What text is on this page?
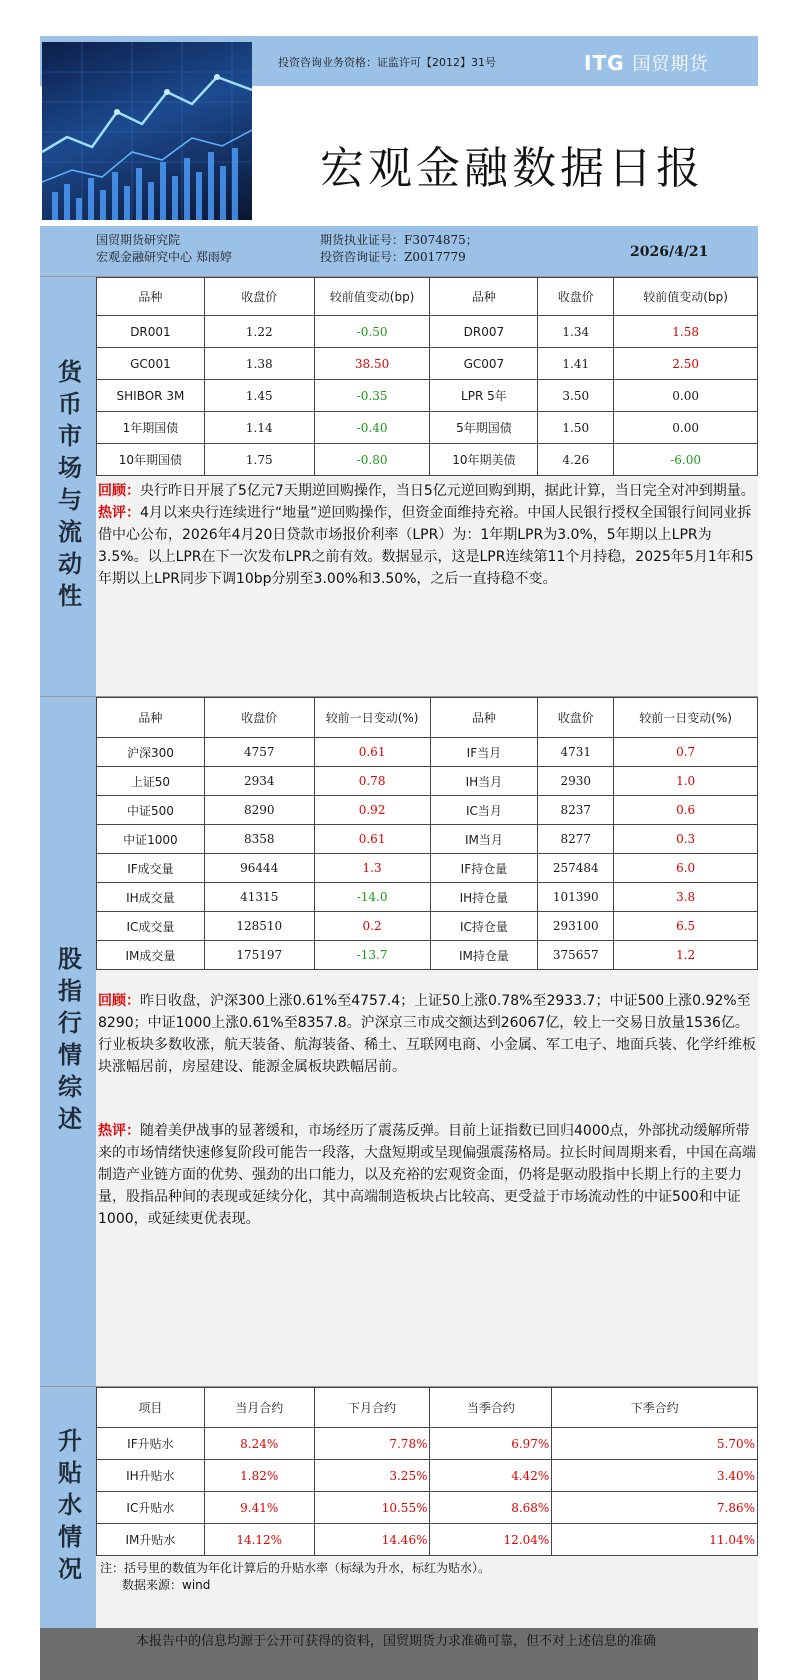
投资咨询业务资格：证监许可【2012】31号	ITG 国贸期货
宏观金融数据日报
国贸期货研究院
宏观金融研究中心 郑雨婷
期货执业证号：F3074875；
投资咨询证号：Z0017779	2026/4/21
货币市场与流动性
品种	收盘价	较前值变动(bp)	品种	收盘价	较前值变动(bp)
DR001	1.22	-0.50	DR007	1.34	1.58
GC001	1.38	38.50	GC007	1.41	2.50
SHIBOR 3M	1.45	-0.35	LPR 5年	3.50	0.00
1年期国债	1.14	-0.40	5年期国债	1.50	0.00
10年期国债	1.75	-0.80	10年期美债	4.26	-6.00
回顾：央行昨日开展了5亿元7天期逆回购操作，当日5亿元逆回购到期，据此计算，当日完全对冲到期量。
热评：4月以来央行连续进行“地量”逆回购操作，但资金面维持充裕。中国人民银行授权全国银行间同业拆借中心公布，2026年4月20日贷款市场报价利率（LPR）为：1年期LPR为3.0%，5年期以上LPR为3.5%。以上LPR在下一次发布LPR之前有效。数据显示，这是LPR连续第11个月持稳，2025年5月1年和5年期以上LPR同步下调10bp分别至3.00%和3.50%，之后一直持稳不变。
股指行情综述
品种	收盘价	较前一日变动(%)	品种	收盘价	较前一日变动(%)
沪深300	4757	0.61	IF当月	4731	0.7
上证50	2934	0.78	IH当月	2930	1.0
中证500	8290	0.92	IC当月	8237	0.6
中证1000	8358	0.61	IM当月	8277	0.3
IF成交量	96444	1.3	IF持仓量	257484	6.0
IH成交量	41315	-14.0	IH持仓量	101390	3.8
IC成交量	128510	0.2	IC持仓量	293100	6.5
IM成交量	175197	-13.7	IM持仓量	375657	1.2
回顾：昨日收盘，沪深300上涨0.61%至4757.4；上证50上涨0.78%至2933.7；中证500上涨0.92%至8290；中证1000上涨0.61%至8357.8。沪深京三市成交额达到26067亿，较上一交易日放量1536亿。行业板块多数收涨，航天装备、航海装备、稀土、互联网电商、小金属、军工电子、地面兵装、化学纤维板块涨幅居前，房屋建设、能源金属板块跌幅居前。
热评：随着美伊战事的显著缓和，市场经历了震荡反弹。目前上证指数已回归4000点，外部扰动缓解所带来的市场情绪快速修复阶段可能告一段落，大盘短期或呈现偏强震荡格局。拉长时间周期来看，中国在高端制造产业链方面的优势、强劲的出口能力，以及充裕的宏观资金面，仍将是驱动股指中长期上行的主要力量，股指品种间的表现或延续分化，其中高端制造板块占比较高、更受益于市场流动性的中证500和中证1000，或延续更优表现。
升贴水情况
项目	当月合约	下月合约	当季合约	下季合约
IF升贴水	8.24%	7.78%	6.97%	5.70%
IH升贴水	1.82%	3.25%	4.42%	3.40%
IC升贴水	9.41%	10.55%	8.68%	7.86%
IM升贴水	14.12%	14.46%	12.04%	11.04%
注：括号里的数值为年化计算后的升贴水率（标绿为升水，标红为贴水）。
数据来源：wind
本报告中的信息均源于公开可获得的资料，国贸期货力求准确可靠，但不对上述信息的准确
